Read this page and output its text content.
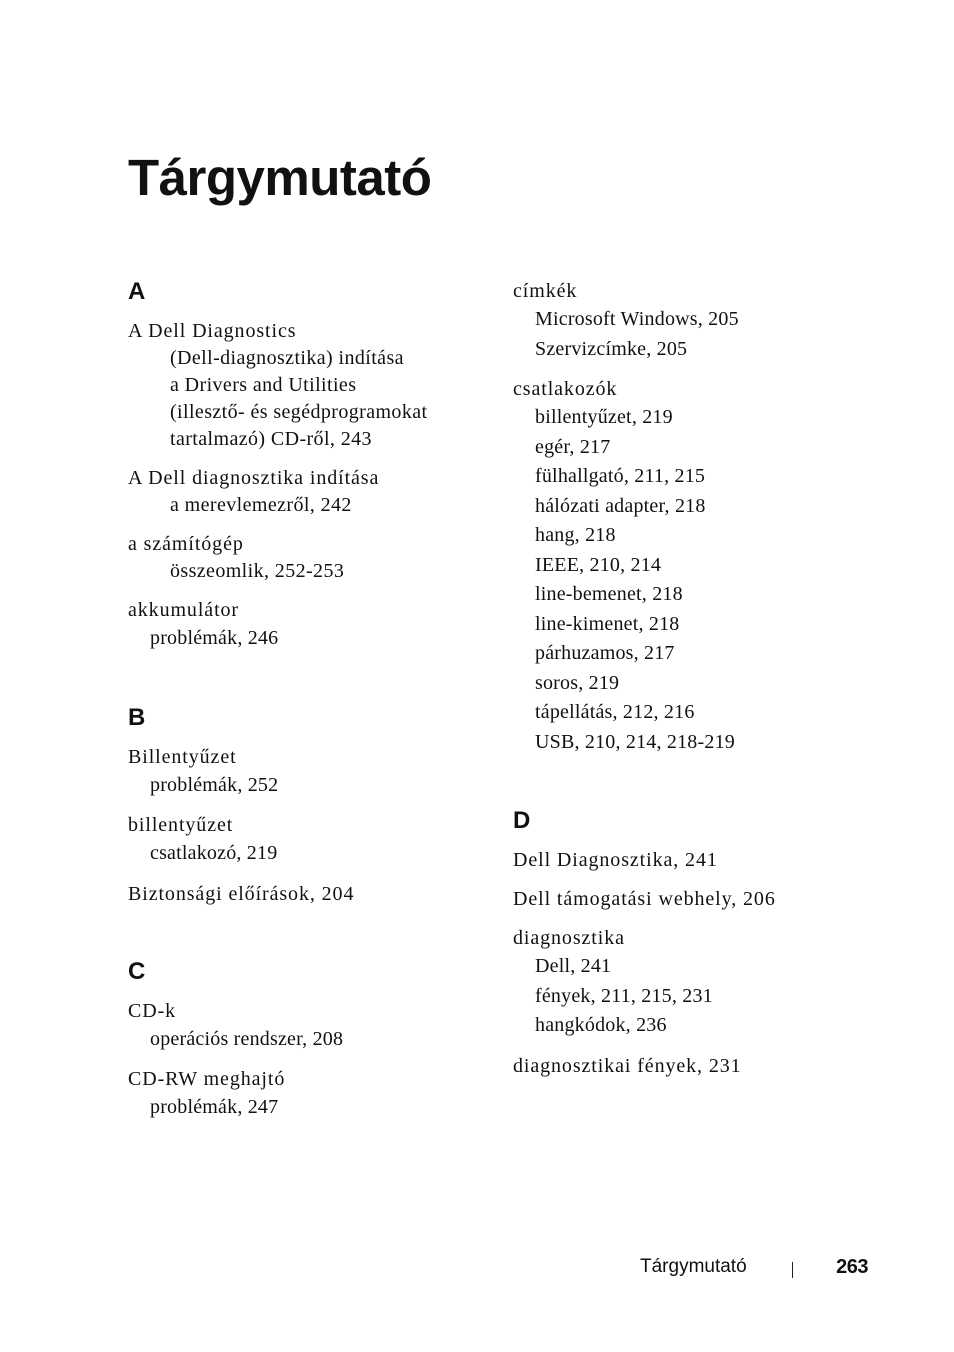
Tárgymutató
A
A Dell Diagnostics
(Dell-diagnosztika) indítása
a Drivers and Utilities
(illesztő- és segédprogramokat
tartalmazó) CD-ről, 243
A Dell diagnosztika indítása
a merevlemezről, 242
a számítógép
összeomlik, 252-253
akkumulátor
problémák, 246
B
Billentyűzet
problémák, 252
billentyűzet
csatlakozó, 219
Biztonsági előírások, 204
C
CD-k
operációs rendszer, 208
CD-RW meghajtó
problémák, 247
címkék
Microsoft Windows, 205
Szervizcímke, 205
csatlakozók
billentyűzet, 219
egér, 217
fülhallgató, 211, 215
hálózati adapter, 218
hang, 218
IEEE, 210, 214
line-bemenet, 218
line-kimenet, 218
párhuzamos, 217
soros, 219
tápellátás, 212, 216
USB, 210, 214, 218-219
D
Dell Diagnosztika, 241
Dell támogatási webhely, 206
diagnosztika
Dell, 241
fények, 211, 215, 231
hangkódok, 236
diagnosztikai fények, 231
Tárgymutató	263
